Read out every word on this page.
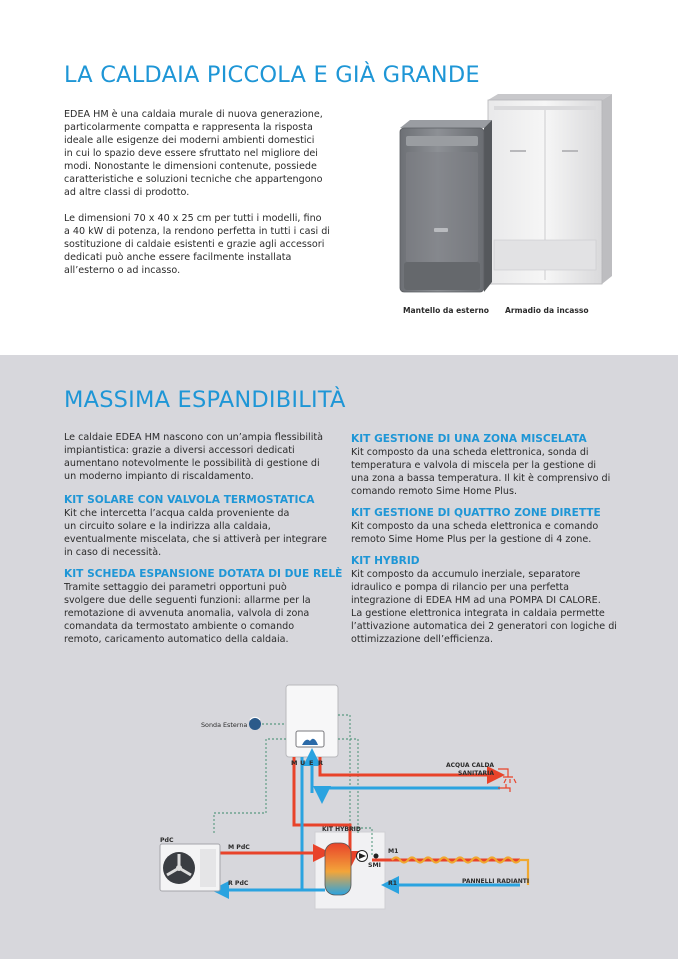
LA CALDAIA PICCOLA E GIÀ GRANDE

EDEA HM è una caldaia murale di nuova generazione,
particolarmente compatta e rappresenta la risposta
ideale alle esigenze dei moderni ambienti domestici
in cui lo spazio deve essere sfruttato nel migliore dei
modi. Nonostante le dimensioni contenute, possiede
caratteristiche e soluzioni tecniche che appartengono
ad altre classi di prodotto.

Le dimensioni 70 x 40 x 25 cm per tutti i modelli, fino
a 40 kW di potenza, la rendono perfetta in tutti i casi di
sostituzione di caldaie esistenti e grazie agli accessori
dedicati può anche essere facilmente installata
all’esterno o ad incasso.

Mantello da esterno Armadio da incasso
MASSIMA ESPANDIBILITÀ
Le caldaie EDEA HM nascono con un’ampia flessibilità
impiantistica: grazie a diversi accessori dedicati
aumentano notevolmente le possibilità di gestione di
un moderno impianto di riscaldamento.
KIT SOLARE CON VALVOLA TERMOSTATICA
Kit che intercetta l’acqua calda proveniente da
un circuito solare e la indirizza alla caldaia,
eventualmente miscelata, che si attiverà per integrare
in caso di necessità.
KIT SCHEDA ESPANSIONE DOTATA DI DUE RELÈ
Tramite settaggio dei parametri opportuni può
svolgere due delle seguenti funzioni: allarme per la
remotazione di avvenuta anomalia, valvola di zona
comandata da termostato ambiente o comando
remoto, caricamento automatico della caldaia.
KIT GESTIONE DI UNA ZONA MISCELATA
Kit composto da una scheda elettronica, sonda di
temperatura e valvola di miscela per la gestione di
una zona a bassa temperatura. Il kit è comprensivo di
comando remoto Sime Home Plus.
KIT GESTIONE DI QUATTRO ZONE DIRETTE
Kit composto da una scheda elettronica e comando
remoto Sime Home Plus per la gestione di 4 zone.
KIT HYBRID
Kit composto da accumulo inerziale, separatore
idraulico e pompa di rilancio per una perfetta
integrazione di EDEA HM ad una POMPA DI CALORE.
La gestione elettronica integrata in caldaia permette
l’attivazione automatica dei 2 generatori con logiche di
ottimizzazione dell’efficienza.
Sonda Esterna
M U E R	ACQUA CALDA
SANITARIA
KIT HYBRID
M1
SMI
R1
PdC
M PdC
R PdC	PANNELLI RADIANTI
